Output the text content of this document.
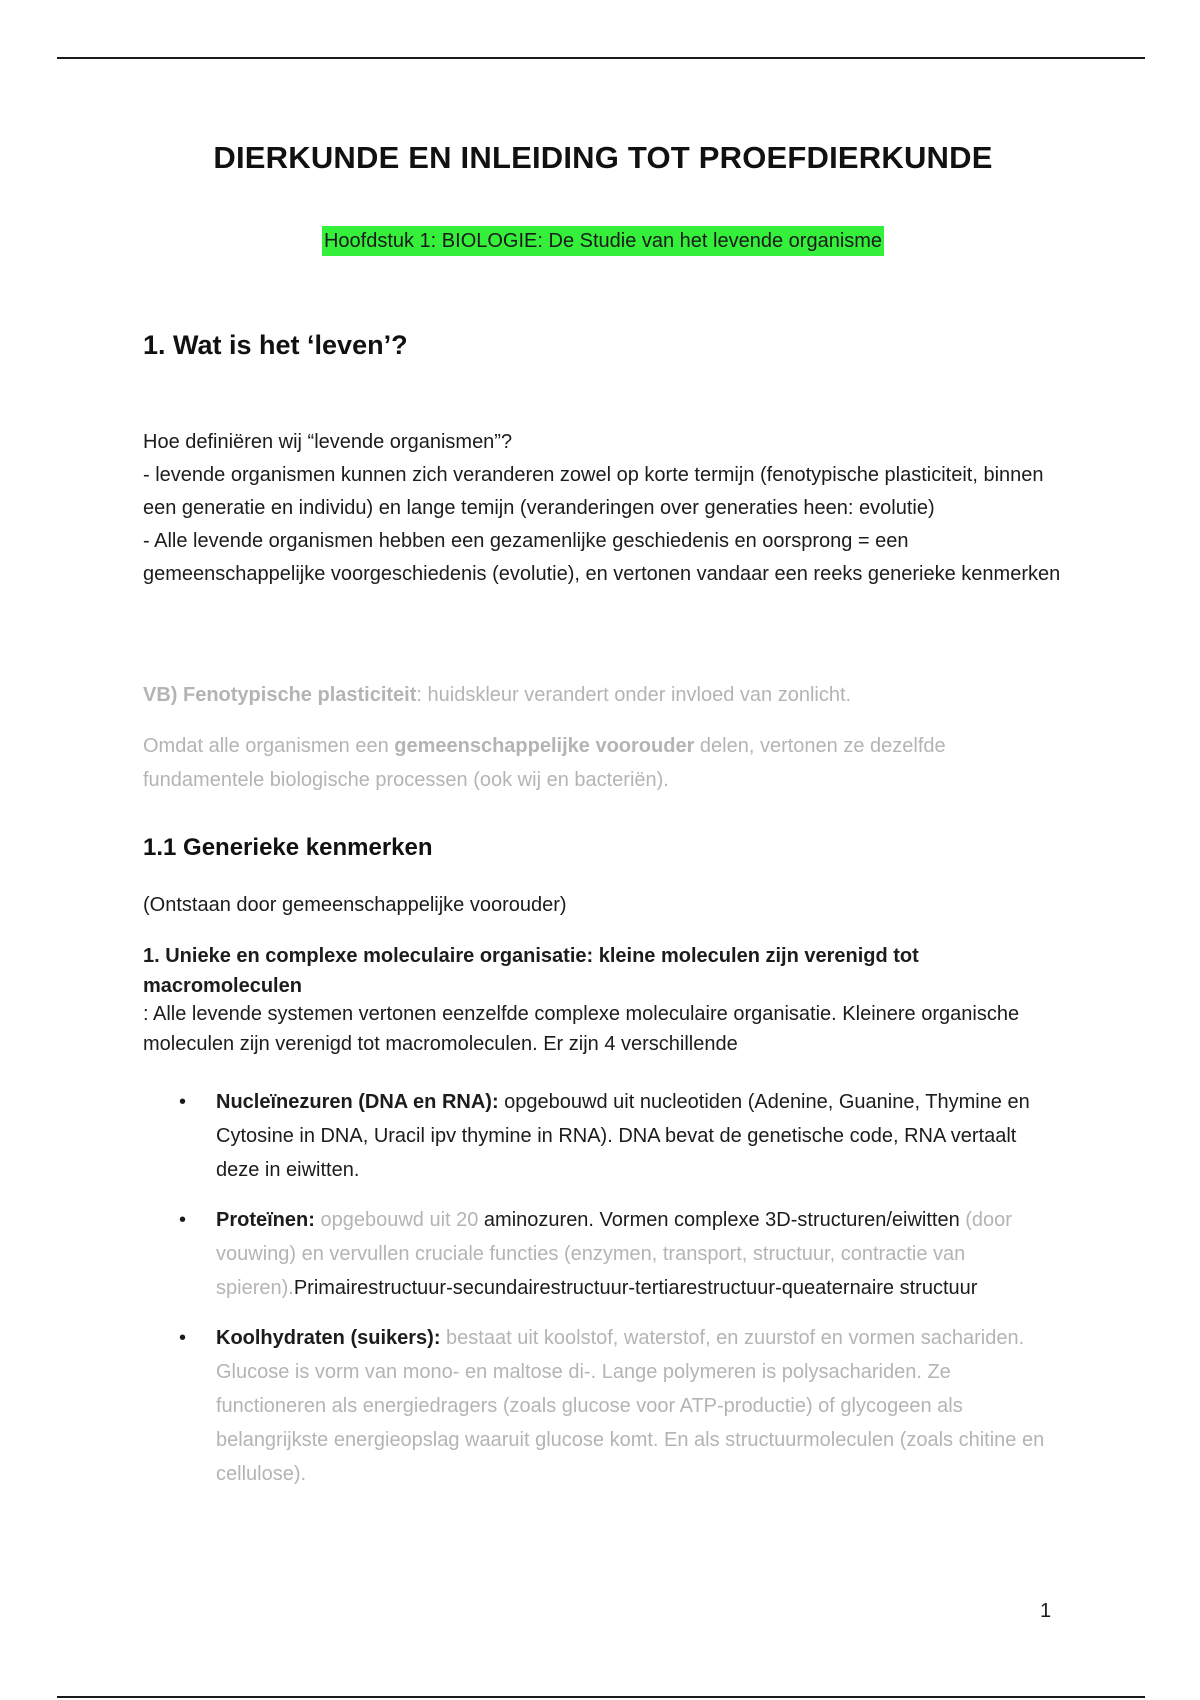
DIERKUNDE EN INLEIDING TOT PROEFDIERKUNDE
Hoofdstuk 1: BIOLOGIE: De Studie van het levende organisme
1. Wat is het ‘leven’?
Hoe definiëren wij “levende organismen”?
- levende organismen kunnen zich veranderen zowel op korte termijn (fenotypische plasticiteit, binnen een generatie en individu) en lange temijn (veranderingen over generaties heen: evolutie)
- Alle levende organismen hebben een gezamenlijke geschiedenis en oorsprong = een gemeenschappelijke voorgeschiedenis (evolutie), en vertonen vandaar een reeks generieke kenmerken

VB) Fenotypische plasticiteit: huidskleur verandert onder invloed van zonlicht.

Omdat alle organismen een gemeenschappelijke voorouder delen, vertonen ze dezelfde fundamentele biologische processen (ook wij en bacteriën).

1.1 Generieke kenmerken

(Ontstaan door gemeenschappelijke voorouder)

1. Unieke en complexe moleculaire organisatie: kleine moleculen zijn verenigd tot macromoleculen

: Alle levende systemen vertonen eenzelfde complexe moleculaire organisatie. Kleinere organische moleculen zijn verenigd tot macromoleculen. Er zijn 4 verschillende

• Nucleïnezuren (DNA en RNA): opgebouwd uit nucleotiden (Adenine, Guanine, Thymine en Cytosine in DNA, Uracil ipv thymine in RNA). DNA bevat de genetische code, RNA vertaalt deze in eiwitten.
• Proteïnen: opgebouwd uit 20 aminozuren. Vormen complexe 3D-structuren/eiwitten (door vouwing) en vervullen cruciale functies (enzymen, transport, structuur, contractie van spieren).Primairestructuur-secundairestructuur-tertiarestructuur-queaternaire structuur
• Koolhydraten (suikers): bestaat uit koolstof, waterstof, en zuurstof en vormen sachariden. Glucose is vorm van mono- en maltose di-. Lange polymeren is polysachariden. Ze functioneren als energiedragers (zoals glucose voor ATP-productie) of glycogeen als belangrijkste energieopslag waaruit glucose komt. En als structuurmoleculen (zoals chitine en cellulose).
1
